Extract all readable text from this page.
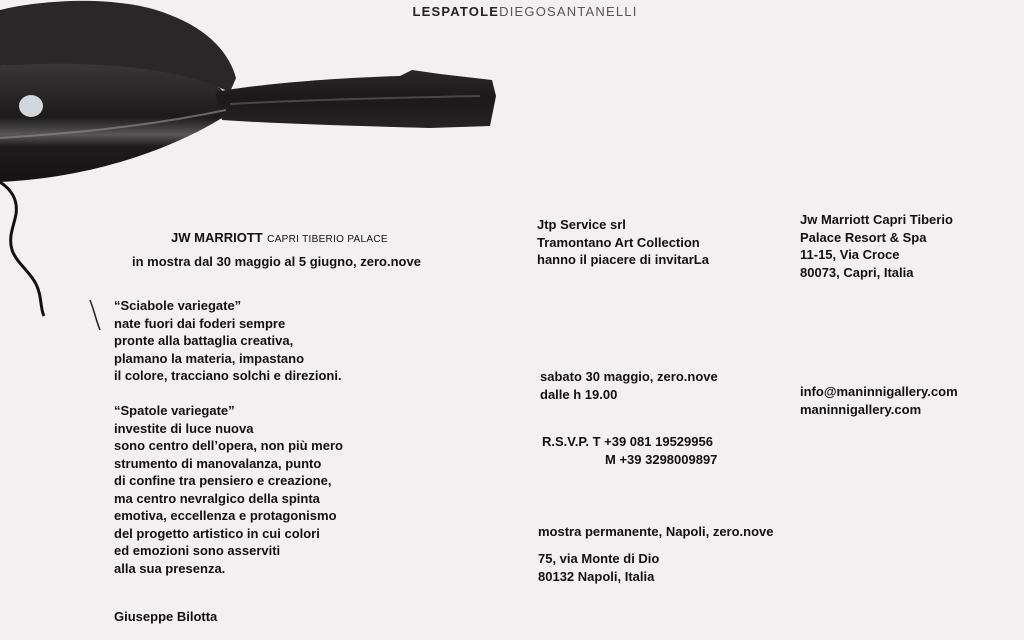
LESPATOLEDIEGOSANTANELLI
JW MARRIOTT CAPRI TIBERIO PALACE
in mostra dal 30 maggio al 5 giugno, zero.nove
“Sciabole variegate”
nate fuori dai foderi sempre
pronte alla battaglia creativa,
plamano la materia, impastano
il colore, tracciano solchi e direzioni.
“Spatole variegate”
investite di luce nuova
sono centro dell’opera, non più mero
strumento di manovalanza, punto
di confine tra pensiero e creazione,
ma centro nevralgico della spinta
emotiva, eccellenza e protagonismo
del progetto artistico in cui colori
ed emozioni sono asserviti
alla sua presenza.
Giuseppe Bilotta
Jtp Service srl
Tramontano Art Collection
hanno il piacere di invitarLa
Jw Marriott Capri Tiberio
Palace Resort & Spa
11-15, Via Croce
80073, Capri, Italia
sabato 30 maggio, zero.nove
dalle h 19.00	info@maninnigallery.com
maninnigallery.com
R.S.V.P. T +39 081 19529956
M +39 3298009897
mostra permanente, Napoli, zero.nove
75, via Monte di Dio
80132 Napoli, Italia
